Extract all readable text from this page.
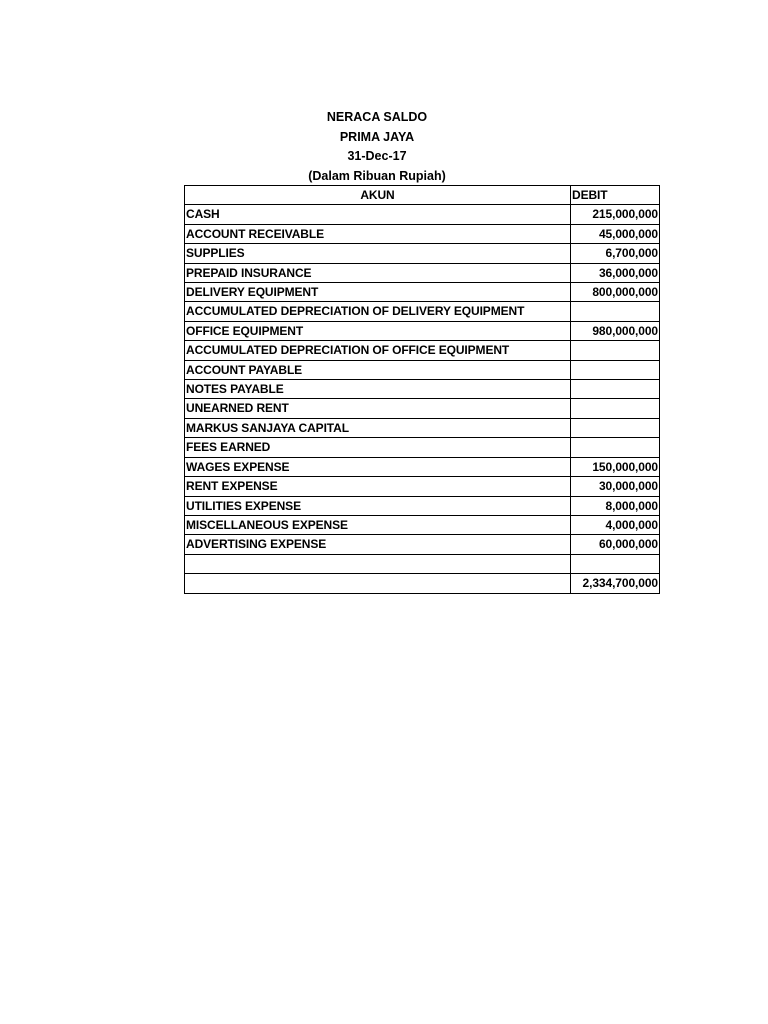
NERACA SALDO
PRIMA JAYA
31-Dec-17
(Dalam Ribuan Rupiah)
AKUN	DEBIT
CASH	215,000,000
ACCOUNT RECEIVABLE	45,000,000
SUPPLIES	6,700,000
PREPAID INSURANCE	36,000,000
DELIVERY EQUIPMENT	800,000,000
ACCUMULATED DEPRECIATION OF DELIVERY EQUIPMENT	
OFFICE EQUIPMENT	980,000,000
ACCUMULATED DEPRECIATION OF OFFICE EQUIPMENT	
ACCOUNT PAYABLE	
NOTES PAYABLE	
UNEARNED RENT	
MARKUS SANJAYA CAPITAL	
FEES EARNED	
WAGES EXPENSE	150,000,000
RENT EXPENSE	30,000,000
UTILITIES EXPENSE	8,000,000
MISCELLANEOUS EXPENSE	4,000,000
ADVERTISING EXPENSE	60,000,000

	2,334,700,000
